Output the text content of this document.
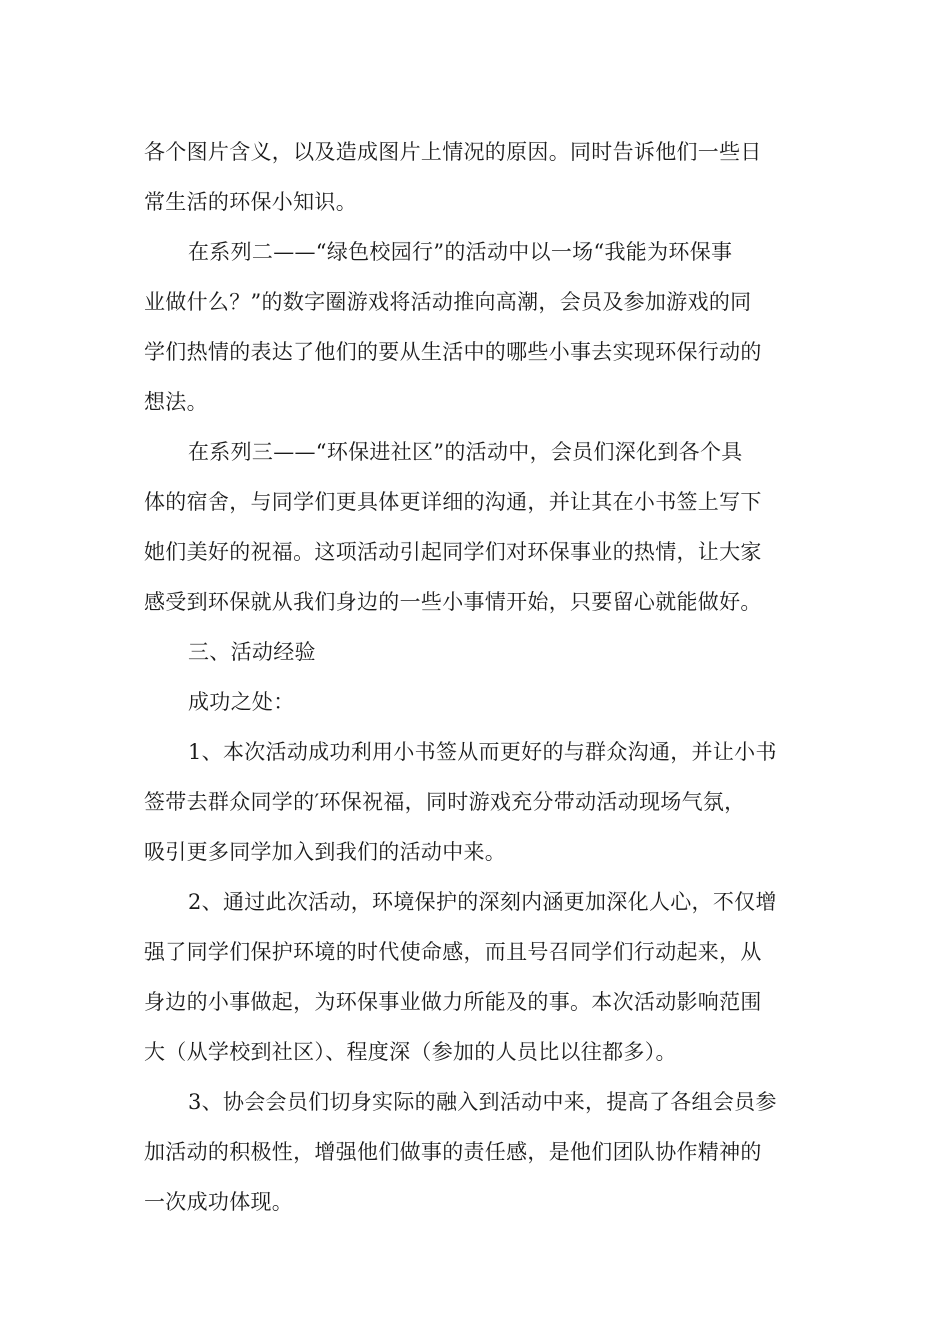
各个图片含义，以及造成图片上情况的原因。同时告诉他们一些日
常生活的环保小知识。

在系列二——“绿色校园行”的活动中以一场“我能为环保事
业做什么？”的数字圈游戏将活动推向高潮，会员及参加游戏的同
学们热情的表达了他们的要从生活中的哪些小事去实现环保行动的
想法。

在系列三——“环保进社区”的活动中，会员们深化到各个具
体的宿舍，与同学们更具体更详细的沟通，并让其在小书签上写下
她们美好的祝福。这项活动引起同学们对环保事业的热情，让大家
感受到环保就从我们身边的一些小事情开始，只要留心就能做好。

三、活动经验

成功之处：

1、本次活动成功利用小书签从而更好的与群众沟通，并让小书
签带去群众同学的′环保祝福，同时游戏充分带动活动现场气氛，
吸引更多同学加入到我们的活动中来。

2、通过此次活动，环境保护的深刻内涵更加深化人心，不仅增
强了同学们保护环境的时代使命感，而且号召同学们行动起来，从
身边的小事做起，为环保事业做力所能及的事。本次活动影响范围
大（从学校到社区）、程度深（参加的人员比以往都多）。

3、协会会员们切身实际的融入到活动中来，提高了各组会员参
加活动的积极性，增强他们做事的责任感，是他们团队协作精神的
一次成功体现。
